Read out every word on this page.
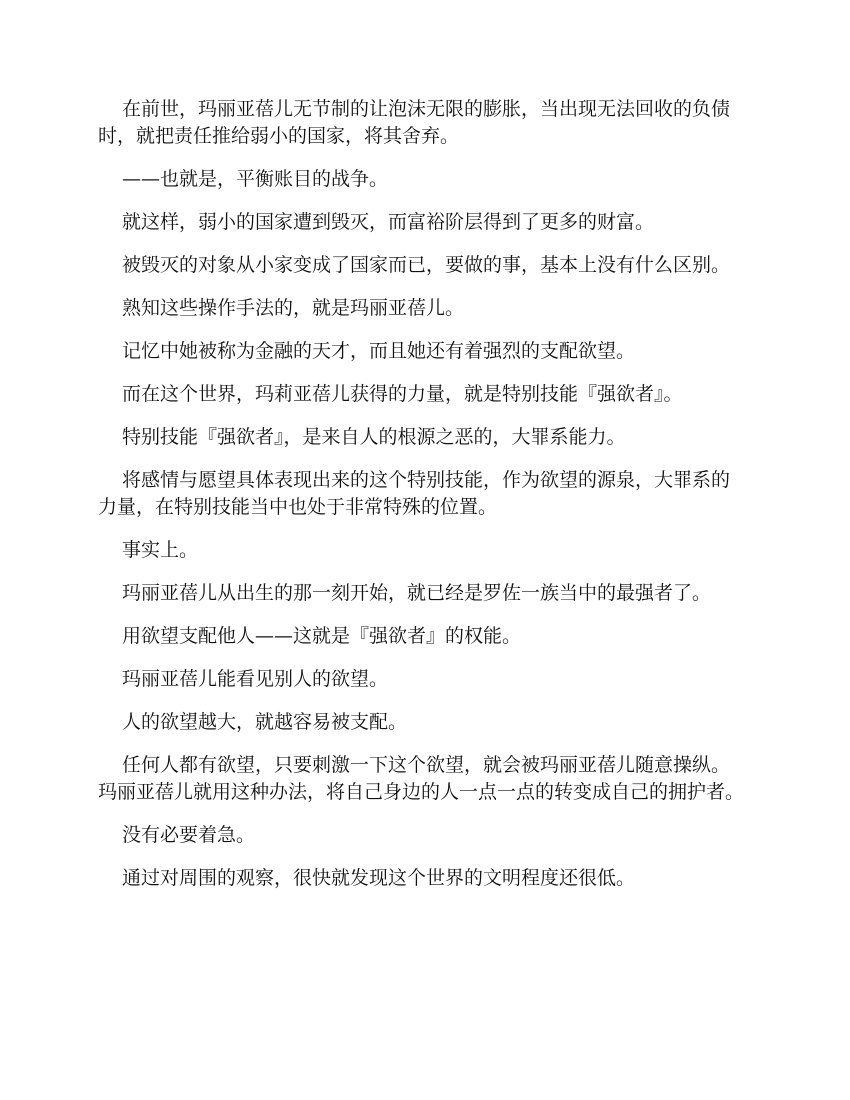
在前世，玛丽亚蓓儿无节制的让泡沫无限的膨胀，当出现无法回收的负债时，就把责任推给弱小的国家，将其舍弃。

——也就是，平衡账目的战争。

就这样，弱小的国家遭到毁灭，而富裕阶层得到了更多的财富。

被毁灭的对象从小家变成了国家而已，要做的事，基本上没有什么区别。

熟知这些操作手法的，就是玛丽亚蓓儿。

记忆中她被称为金融的天才，而且她还有着强烈的支配欲望。

而在这个世界，玛莉亚蓓儿获得的力量，就是特别技能『强欲者』。

特别技能『强欲者』，是来自人的根源之恶的，大罪系能力。

将感情与愿望具体表现出来的这个特别技能，作为欲望的源泉，大罪系的力量，在特别技能当中也处于非常特殊的位置。

事实上。

玛丽亚蓓儿从出生的那一刻开始，就已经是罗佐一族当中的最强者了。

用欲望支配他人——这就是『强欲者』的权能。

玛丽亚蓓儿能看见别人的欲望。

人的欲望越大，就越容易被支配。

任何人都有欲望，只要刺激一下这个欲望，就会被玛丽亚蓓儿随意操纵。玛丽亚蓓儿就用这种办法，将自己身边的人一点一点的转变成自己的拥护者。

没有必要着急。

通过对周围的观察，很快就发现这个世界的文明程度还很低。
